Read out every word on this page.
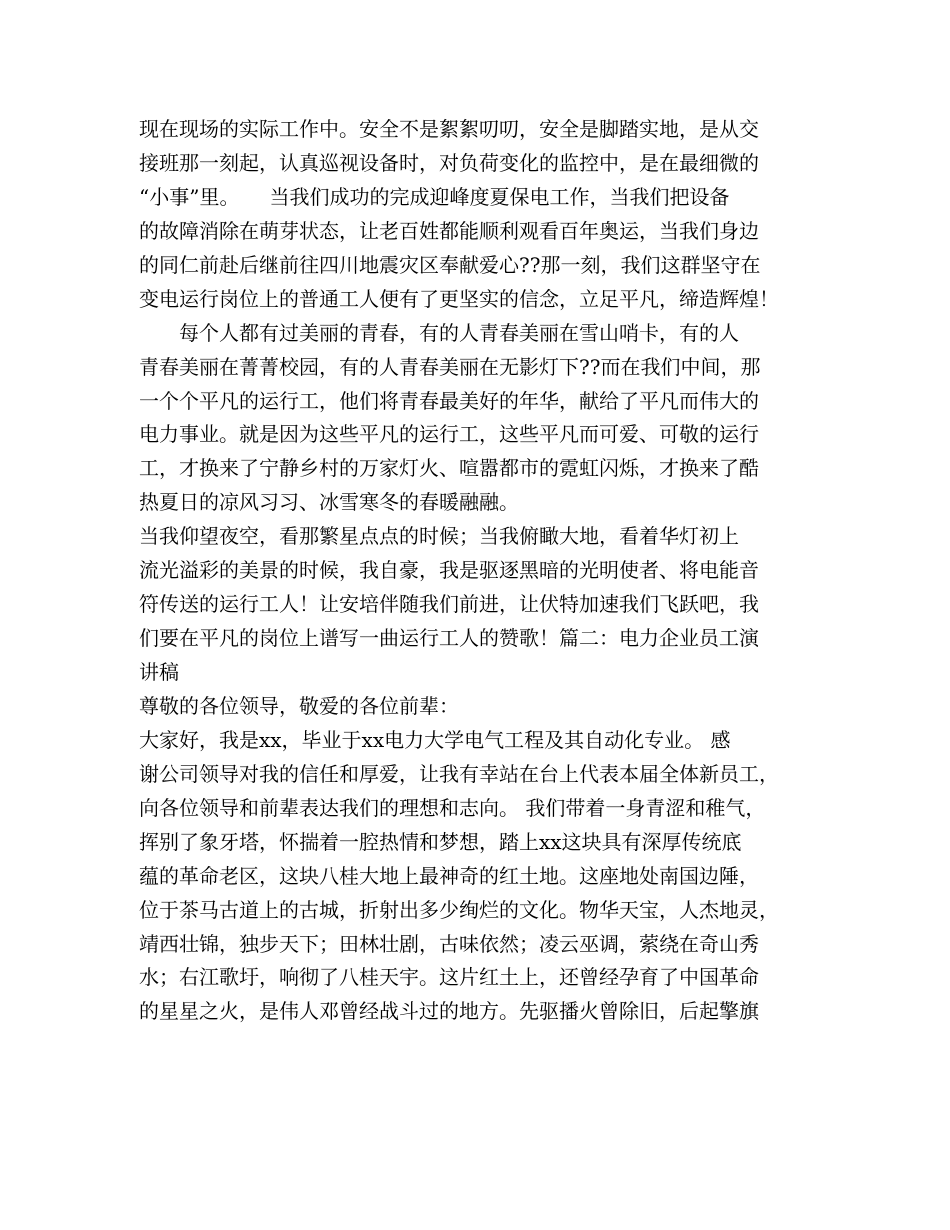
现在现场的实际工作中。安全不是絮絮叨叨，安全是脚踏实地，是从交
接班那一刻起，认真巡视设备时，对负荷变化的监控中，是在最细微的
“小事”里。　　当我们成功的完成迎峰度夏保电工作，当我们把设备
的故障消除在萌芽状态，让老百姓都能顺利观看百年奥运，当我们身边
的同仁前赴后继前往四川地震灾区奉献爱心??那一刻，我们这群坚守在
变电运行岗位上的普通工人便有了更坚实的信念，立足平凡，缔造辉煌！
　　每个人都有过美丽的青春，有的人青春美丽在雪山哨卡，有的人
青春美丽在菁菁校园，有的人青春美丽在无影灯下??而在我们中间，那
一个个平凡的运行工，他们将青春最美好的年华，献给了平凡而伟大的
电力事业。就是因为这些平凡的运行工，这些平凡而可爱、可敬的运行
工，才换来了宁静乡村的万家灯火、喧嚣都市的霓虹闪烁，才换来了酷
热夏日的凉风习习、冰雪寒冬的春暖融融。
当我仰望夜空，看那繁星点点的时候；当我俯瞰大地，看着华灯初上
流光溢彩的美景的时候，我自豪，我是驱逐黑暗的光明使者、将电能音
符传送的运行工人！让安培伴随我们前进，让伏特加速我们飞跃吧，我
们要在平凡的岗位上谱写一曲运行工人的赞歌！篇二：电力企业员工演
讲稿
尊敬的各位领导，敬爱的各位前辈：
大家好，我是xx，毕业于xx电力大学电气工程及其自动化专业。 感
谢公司领导对我的信任和厚爱，让我有幸站在台上代表本届全体新员工，
向各位领导和前辈表达我们的理想和志向。 我们带着一身青涩和稚气，
挥别了象牙塔，怀揣着一腔热情和梦想，踏上xx这块具有深厚传统底
蕴的革命老区，这块八桂大地上最神奇的红土地。这座地处南国边陲，
位于茶马古道上的古城，折射出多少绚烂的文化。物华天宝，人杰地灵，
靖西壮锦，独步天下；田林壮剧，古味依然；凌云巫调，萦绕在奇山秀
水；右江歌圩，响彻了八桂天宇。这片红土上，还曾经孕育了中国革命
的星星之火，是伟人邓曾经战斗过的地方。先驱播火曾除旧，后起擎旗
